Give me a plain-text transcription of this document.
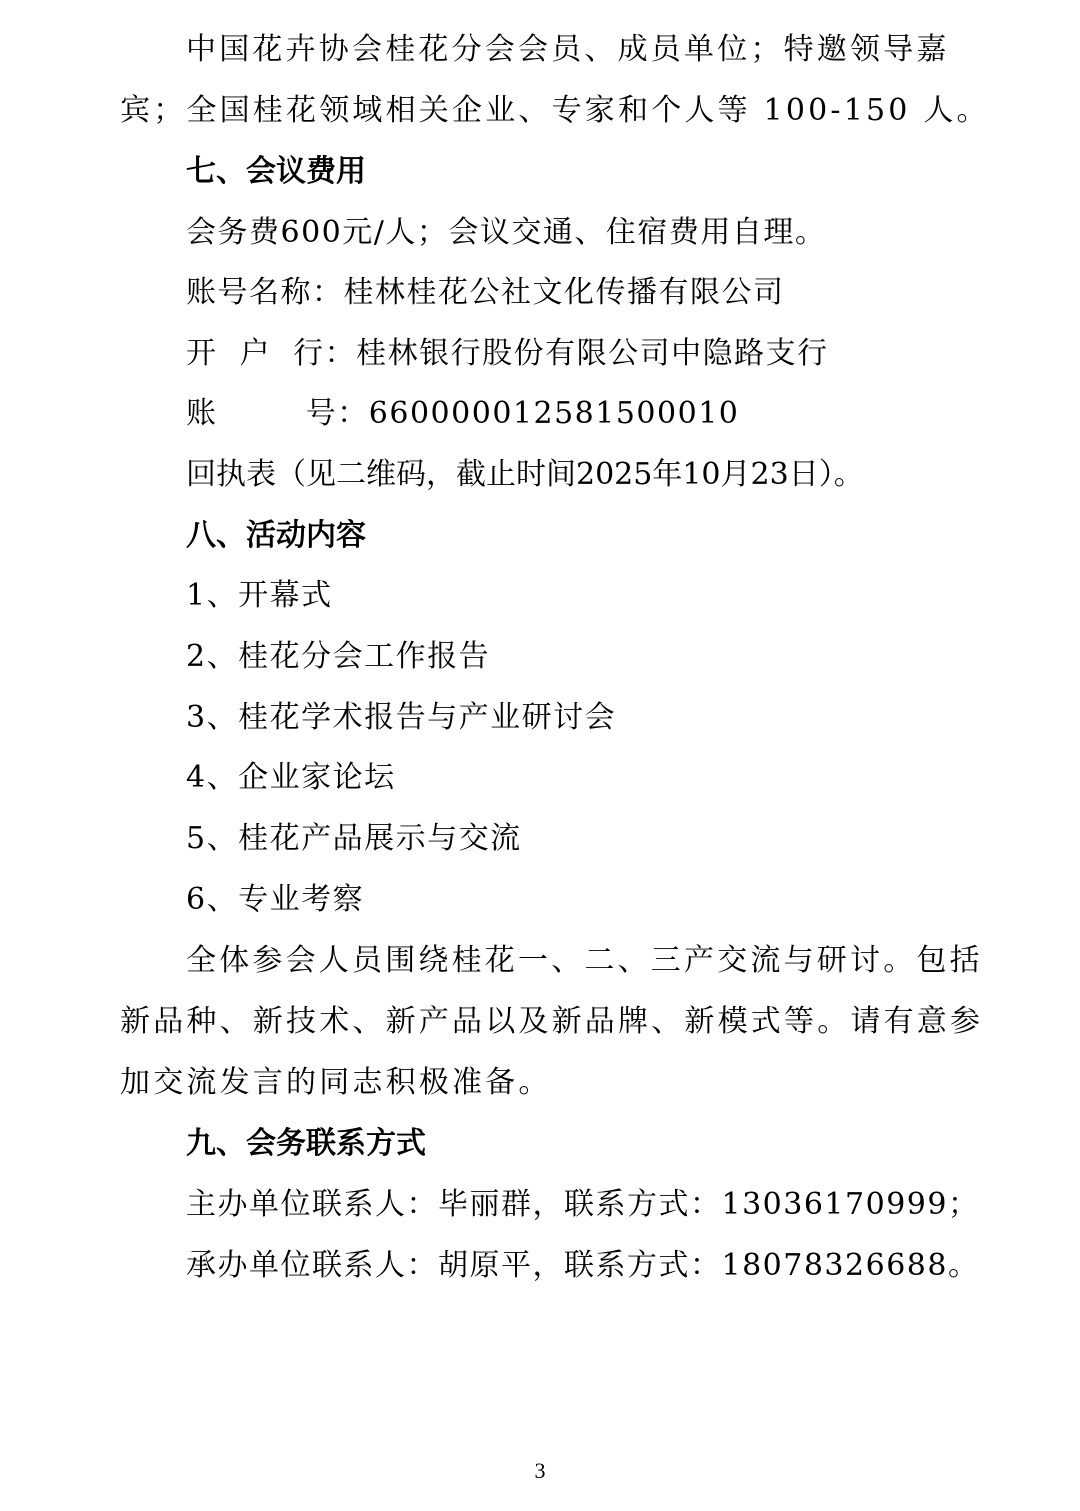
中国花卉协会桂花分会会员、成员单位；特邀领导嘉
宾；全国桂花领域相关企业、专家和个人等 100-150 人。
七、会议费用
会务费600元/人；会议交通、住宿费用自理。
账号名称：桂林桂花公社文化传播有限公司
开  户  行：桂林银行股份有限公司中隐路支行
账        号：660000012581500010
回执表（见二维码，截止时间2025年10月23日）。
八、活动内容
1、开幕式
2、桂花分会工作报告
3、桂花学术报告与产业研讨会
4、企业家论坛
5、桂花产品展示与交流
6、专业考察
全体参会人员围绕桂花一、二、三产交流与研讨。包括
新品种、新技术、新产品以及新品牌、新模式等。请有意参
加交流发言的同志积极准备。
九、会务联系方式
主办单位联系人：毕丽群，联系方式：13036170999；
承办单位联系人：胡原平，联系方式：18078326688。
3
